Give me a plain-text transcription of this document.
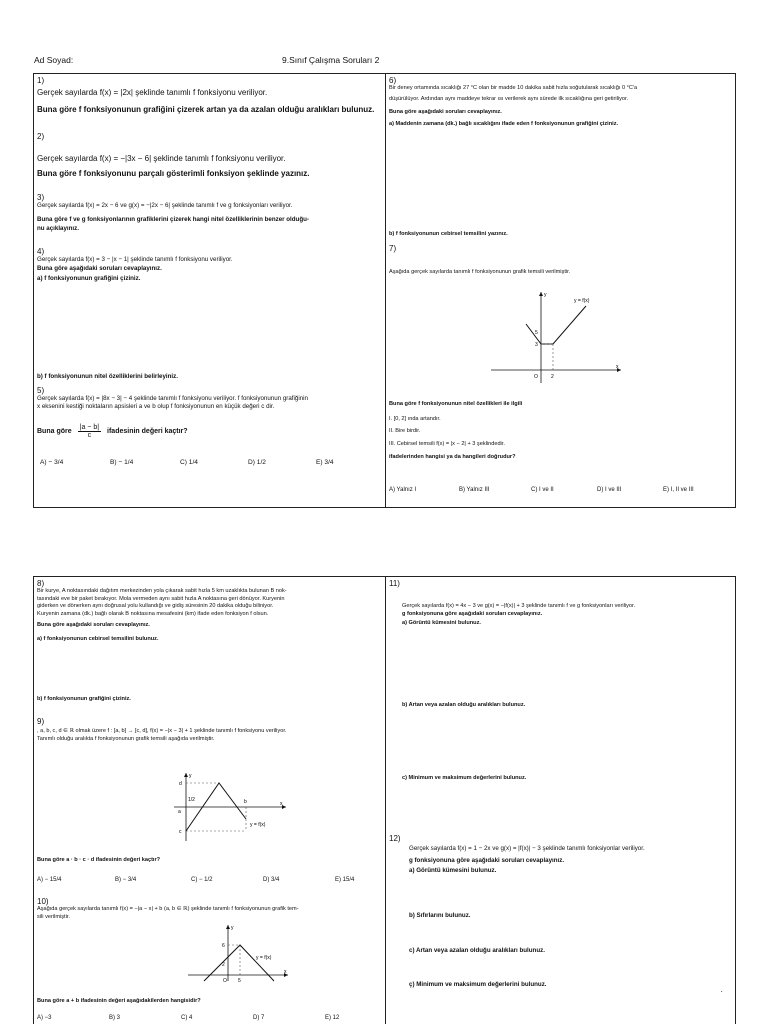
Ad Soyad:	9.Sınıf Çalışma Soruları 2
1)
Gerçek sayılarda f(x) = |2x| şeklinde tanımlı f fonksiyonu veriliyor.
Buna göre f fonksiyonunun grafiğini çizerek artan ya da azalan olduğu aralıkları bulunuz.
2)
Gerçek sayılarda f(x) = −|3x − 6| şeklinde tanımlı f fonksiyonu veriliyor.
Buna göre f fonksiyonunu parçalı gösterimli fonksiyon şeklinde yazınız.
3)
Gerçek sayılarda f(x) = 2x − 6 ve g(x) = −|2x − 6| şeklinde tanımlı f ve g fonksiyonları veriliyor.
Buna göre f ve g fonksiyonlarının grafiklerini çizerek hangi nitel özelliklerinin benzer olduğu-
nu açıklayınız.
4)
Gerçek sayılarda f(x) = 3 − |x − 1| şeklinde tanımlı f fonksiyonu veriliyor.
Buna göre aşağıdaki soruları cevaplayınız.
a) f fonksiyonunun grafiğini çiziniz.
b) f fonksiyonunun nitel özelliklerini belirleyiniz.
5)
Gerçek sayılarda f(x) = |8x − 3| − 4 şeklinde tanımlı f fonksiyonu veriliyor. f fonksiyonunun grafiğinin
x eksenini kestiği noktaların apsisleri a ve b olup f fonksiyonunun en küçük değeri c dir.
Buna göre $\frac{|a - b|}{c}$ ifadesinin değeri kaçtır?
A) − 3/4	B) − 1/4	C) 1/4	D) 1/2	E) 3/4
6)
Bir deney ortamında sıcaklığı 27 °C olan bir madde 10 dakika sabit hızla soğutularak sıcaklığı 0 °C'a
düşürülüyor. Ardından aynı maddeye tekrar ısı verilerek aynı sürede ilk sıcaklığına geri getiriliyor.
Buna göre aşağıdaki soruları cevaplayınız.
a) Maddenin zamana (dk.) bağlı sıcaklığını ifade eden f fonksiyonunun grafiğini çiziniz.
b) f fonksiyonunun cebirsel temsilini yazınız.
7)
Aşağıda gerçek sayılarda tanımlı f fonksiyonunun grafik temsili verilmiştir.
y
x
y = f(x)
O
5
3
2
Buna göre f fonksiyonunun nitel özellikleri ile ilgili
I. [0, 2] ında artandır.
II. Bire birdir.
III. Cebirsel temsili f(x) = |x − 2| + 3 şeklindedir.
ifadelerinden hangisi ya da hangileri doğrudur?
A) Yalnız I	B) Yalnız III	C) I ve II	D) I ve III	E) I, II ve III
8)
Bir kurye, A noktasındaki dağıtım merkezinden yola çıkarak sabit hızla 5 km uzaklıkta bulunan B nok-
tasındaki eve bir paket bırakıyor. Mola vermeden aynı sabit hızla A noktasına geri dönüyor. Kuryenin
giderken ve dönerken aynı doğrusal yolu kullandığı ve gidiş süresinin 20 dakika olduğu biliniyor.
Kuryenin zamana (dk.) bağlı olarak B noktasına mesafesini (km) ifade eden fonksiyon f olsun.
Buna göre aşağıdaki soruları cevaplayınız.
a) f fonksiyonunun cebirsel temsilini bulunuz.
b) f fonksiyonunun grafiğini çiziniz.
9)
, a, b, c, d ∈ ℝ olmak üzere f : [a, b] → [c, d], f(x) = −|x − 3| + 1 şeklinde tanımlı f fonksiyonu veriliyor.
Tanımlı olduğu aralıkta f fonksiyonunun grafik temsili aşağıda verilmiştir.
y
x
y = f(x)
d
c
a
b
1/2
Buna göre a · b · c · d ifadesinin değeri kaçtır?
A) − 15/4	B) − 3/4	C) − 1/2	D) 3/4	E) 15/4
10)
Aşağıda gerçek sayılarda tanımlı f(x) = −|a − x| + b (a, b ∈ ℝ) şeklinde tanımlı f fonksiyonunun grafik tem-
sili verilmiştir.
y
x
y = f(x)
6
2
5
O
Buna göre a + b ifadesinin değeri aşağıdakilerden hangisidir?
A) −3	B) 3	C) 4	D) 7	E) 12
11)
Gerçek sayılarda f(x) = 4x − 3 ve g(x) = −|f(x)| + 3 şeklinde tanımlı f ve g fonksiyonları veriliyor.
g fonksiyonuna göre aşağıdaki soruları cevaplayınız.
a) Görüntü kümesini bulunuz.
b) Artan veya azalan olduğu aralıkları bulunuz.
c) Minimum ve maksimum değerlerini bulunuz.
12)
Gerçek sayılarda f(x) = 1 − 2x ve g(x) = |f(x)| − 3 şeklinde tanımlı fonksiyonlar veriliyor.
g fonksiyonuna göre aşağıdaki soruları cevaplayınız.
a) Görüntü kümesini bulunuz.
b) Sıfırlarını bulunuz.
c) Artan veya azalan olduğu aralıkları bulunuz.
ç) Minimum ve maksimum değerlerini bulunuz.
·
